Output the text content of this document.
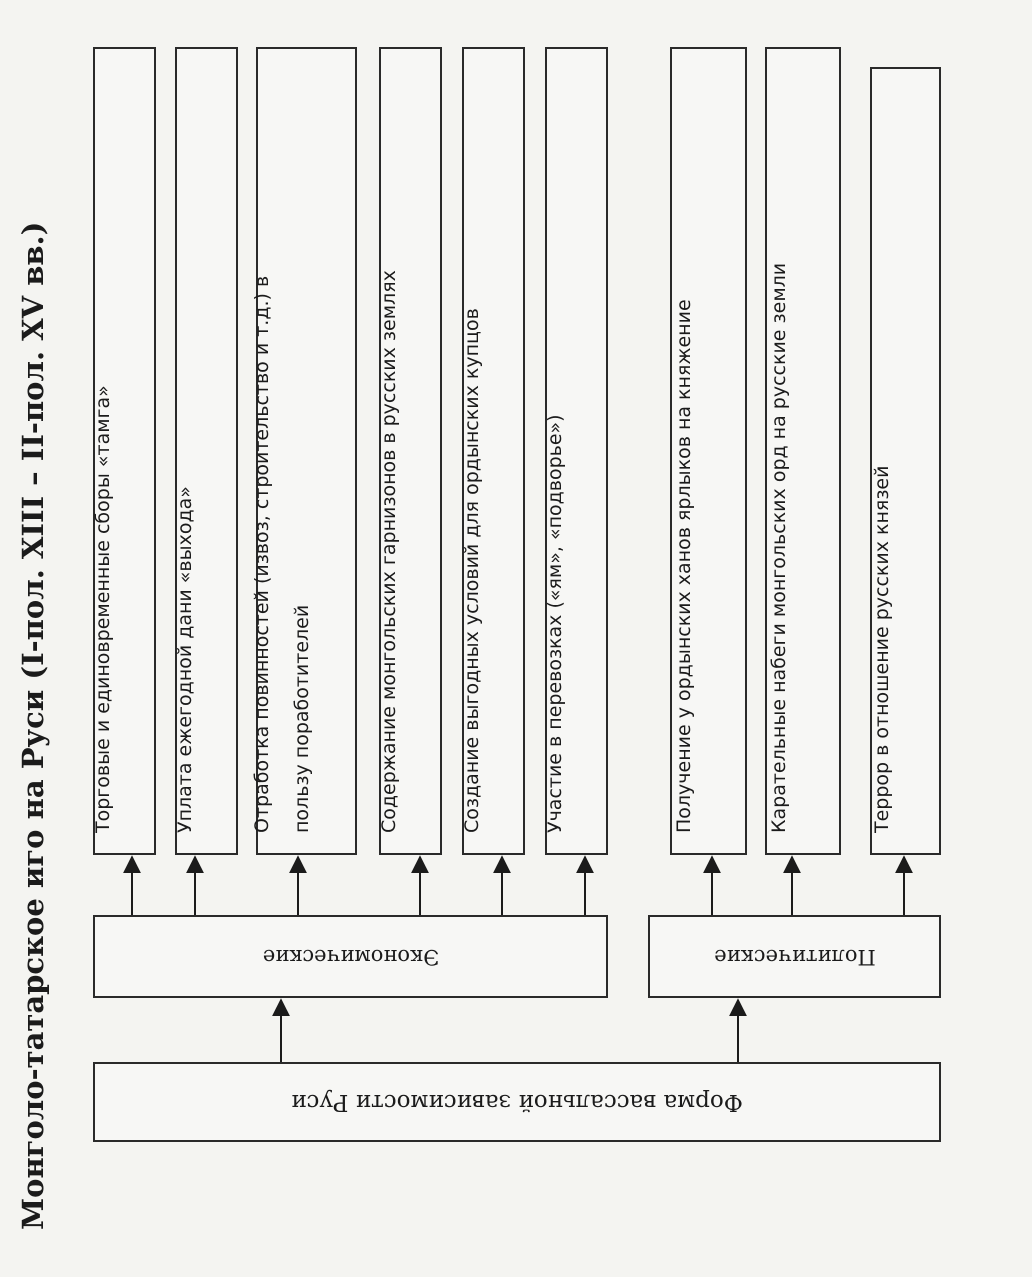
Монголо-татарское иго на Руси (I-пол. XIII – II-пол. XV вв.)	Форма вассальной зависимости Руси
Экономические	Политические
Торговые и единовременные сборы «тамга»	Уплата ежегодной дани «выхода»	Отработка повинностей (извоз, строительство и т.д.) в пользу поработителей	Содержание монгольских гарнизонов в русских землях	Создание выгодных условий для ордынских купцов	Участие в перевозках («ям», «подворье»)	Получение у ордынских ханов ярлыков на княжение	Карательные набеги монгольских орд на русские земли	Террор в отношение русских князей
